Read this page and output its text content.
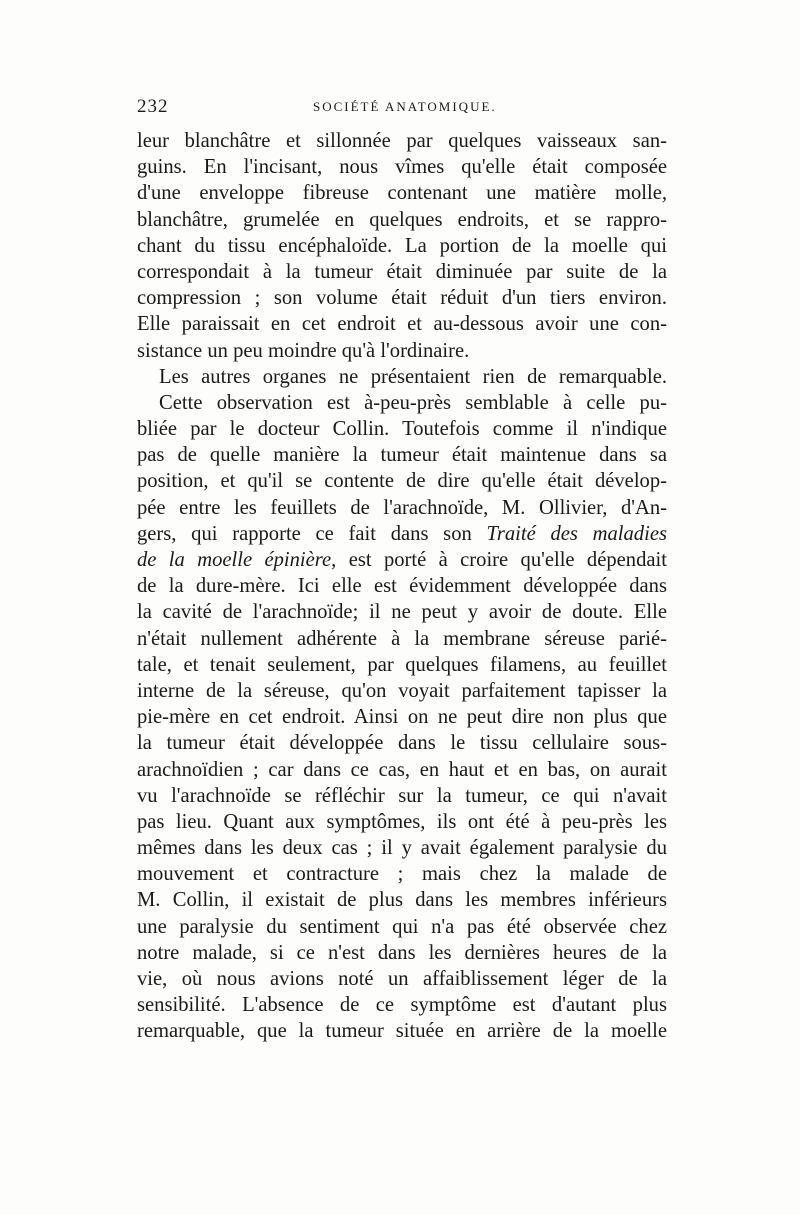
232	SOCIÉTÉ ANATOMIQUE.
leur blanchâtre et sillonnée par quelques vaisseaux san-
guins. En l'incisant, nous vîmes qu'elle était composée
d'une enveloppe fibreuse contenant une matière molle,
blanchâtre, grumelée en quelques endroits, et se rappro-
chant du tissu encéphaloïde. La portion de la moelle qui
correspondait à la tumeur était diminuée par suite de la
compression ; son volume était réduit d'un tiers environ.
Elle paraissait en cet endroit et au-dessous avoir une con-
sistance un peu moindre qu'à l'ordinaire.
Les autres organes ne présentaient rien de remarquable.
Cette observation est à-peu-près semblable à celle pu-
bliée par le docteur Collin. Toutefois comme il n'indique
pas de quelle manière la tumeur était maintenue dans sa
position, et qu'il se contente de dire qu'elle était dévelop-
pée entre les feuillets de l'arachnoïde, M. Ollivier, d'An-
gers, qui rapporte ce fait dans son Traité des maladies
de la moelle épinière, est porté à croire qu'elle dépendait
de la dure-mère. Ici elle est évidemment développée dans
la cavité de l'arachnoïde; il ne peut y avoir de doute. Elle
n'était nullement adhérente à la membrane séreuse parié-
tale, et tenait seulement, par quelques filamens, au feuillet
interne de la séreuse, qu'on voyait parfaitement tapisser la
pie-mère en cet endroit. Ainsi on ne peut dire non plus que
la tumeur était développée dans le tissu cellulaire sous-
arachnoïdien ; car dans ce cas, en haut et en bas, on aurait
vu l'arachnoïde se réfléchir sur la tumeur, ce qui n'avait
pas lieu. Quant aux symptômes, ils ont été à peu-près les
mêmes dans les deux cas ; il y avait également paralysie du
mouvement et contracture ; mais chez la malade de
M. Collin, il existait de plus dans les membres inférieurs
une paralysie du sentiment qui n'a pas été observée chez
notre malade, si ce n'est dans les dernières heures de la
vie, où nous avions noté un affaiblissement léger de la
sensibilité. L'absence de ce symptôme est d'autant plus
remarquable, que la tumeur située en arrière de la moelle
